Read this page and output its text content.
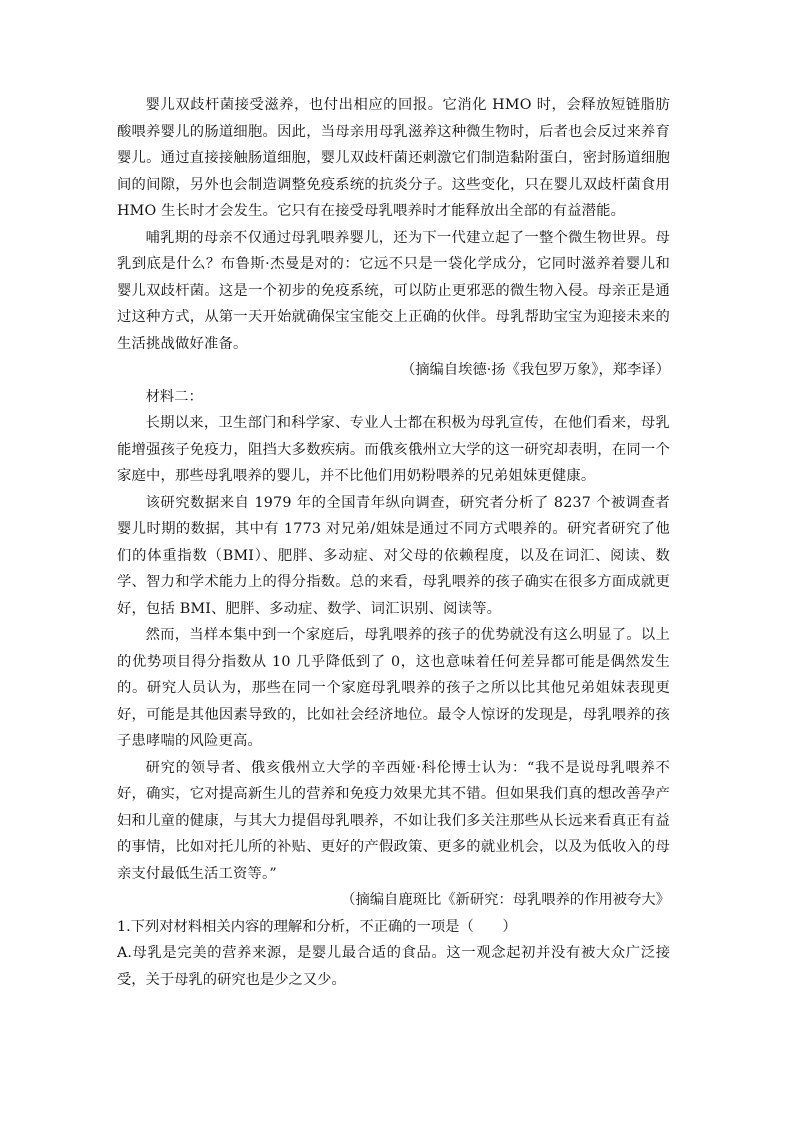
婴儿双歧杆菌接受滋养，也付出相应的回报。它消化 HMO 时，会释放短链脂肪酸喂养婴儿的肠道细胞。因此，当母亲用母乳滋养这种微生物时，后者也会反过来养育婴儿。通过直接接触肠道细胞，婴儿双歧杆菌还刺激它们制造黏附蛋白，密封肠道细胞间的间隙，另外也会制造调整免疫系统的抗炎分子。这些变化，只在婴儿双歧杆菌食用 HMO 生长时才会发生。它只有在接受母乳喂养时才能释放出全部的有益潜能。

哺乳期的母亲不仅通过母乳喂养婴儿，还为下一代建立起了一整个微生物世界。母乳到底是什么？布鲁斯·杰曼是对的：它远不只是一袋化学成分，它同时滋养着婴儿和婴儿双歧杆菌。这是一个初步的免疫系统，可以防止更邪恶的微生物入侵。母亲正是通过这种方式，从第一天开始就确保宝宝能交上正确的伙伴。母乳帮助宝宝为迎接未来的生活挑战做好准备。

（摘编自埃德·扬《我包罗万象》，郑李译）

材料二：

长期以来，卫生部门和科学家、专业人士都在积极为母乳宣传，在他们看来，母乳能增强孩子免疫力，阻挡大多数疾病。而俄亥俄州立大学的这一研究却表明，在同一个家庭中，那些母乳喂养的婴儿，并不比他们用奶粉喂养的兄弟姐妹更健康。

该研究数据来自 1979 年的全国青年纵向调查，研究者分析了 8237 个被调查者婴儿时期的数据，其中有 1773 对兄弟/姐妹是通过不同方式喂养的。研究者研究了他们的体重指数（BMI）、肥胖、多动症、对父母的依赖程度，以及在词汇、阅读、数学、智力和学术能力上的得分指数。总的来看，母乳喂养的孩子确实在很多方面成就更好，包括 BMI、肥胖、多动症、数学、词汇识别、阅读等。

然而，当样本集中到一个家庭后，母乳喂养的孩子的优势就没有这么明显了。以上的优势项目得分指数从 10 几乎降低到了 0，这也意味着任何差异都可能是偶然发生的。研究人员认为，那些在同一个家庭母乳喂养的孩子之所以比其他兄弟姐妹表现更好，可能是其他因素导致的，比如社会经济地位。最令人惊讶的发现是，母乳喂养的孩子患哮喘的风险更高。

研究的领导者、俄亥俄州立大学的辛西娅·科伦博士认为：“我不是说母乳喂养不好，确实，它对提高新生儿的营养和免疫力效果尤其不错。但如果我们真的想改善孕产妇和儿童的健康，与其大力提倡母乳喂养，不如让我们多关注那些从长远来看真正有益的事情，比如对托儿所的补贴、更好的产假政策、更多的就业机会，以及为低收入的母亲支付最低生活工资等。”

（摘编自鹿斑比《新研究：母乳喂养的作用被夸大》

1.下列对材料相关内容的理解和分析，不正确的一项是（　　）

A.母乳是完美的营养来源，是婴儿最合适的食品。这一观念起初并没有被大众广泛接受，关于母乳的研究也是少之又少。
